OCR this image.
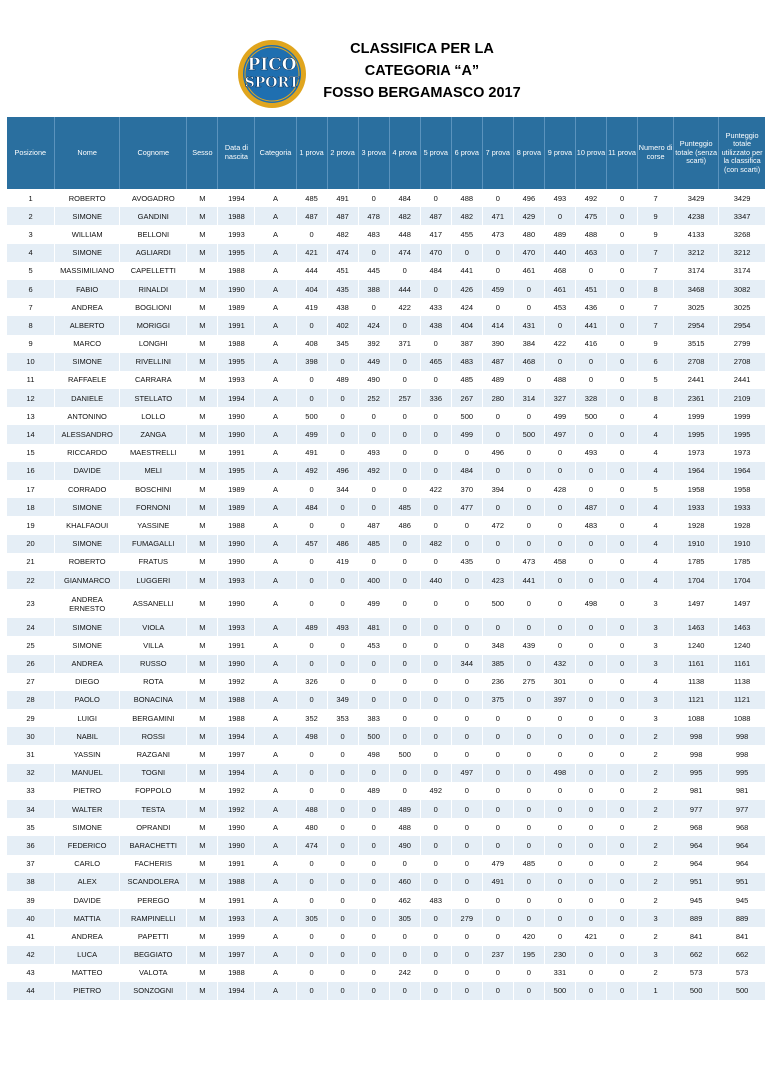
PICO
SPORT
CLASSIFICA PER LA
CATEGORIA “A”
FOSSO BERGAMASCO 2017
Posizione	Nome	Cognome	Sesso	Data di nascita	Categoria	1 prova	2 prova	3 prova	4 prova	5 prova	6 prova	7 prova	8 prova	9 prova	10 prova	11 prova	Numero di corse	Punteggio totale (senza scarti)	Punteggio totale utilizzato per la classifica (con scarti)
1	ROBERTO	AVOGADRO	M	1994	A	485	491	0	484	0	488	0	496	493	492	0	7	3429	3429
2	SIMONE	GANDINI	M	1988	A	487	487	478	482	487	482	471	429	0	475	0	9	4238	3347
3	WILLIAM	BELLONI	M	1993	A	0	482	483	448	417	455	473	480	489	488	0	9	4133	3268
4	SIMONE	AGLIARDI	M	1995	A	421	474	0	474	470	0	0	470	440	463	0	7	3212	3212
5	MASSIMILIANO	CAPELLETTI	M	1988	A	444	451	445	0	484	441	0	461	468	0	0	7	3174	3174
6	FABIO	RINALDI	M	1990	A	404	435	388	444	0	426	459	0	461	451	0	8	3468	3082
7	ANDREA	BOGLIONI	M	1989	A	419	438	0	422	433	424	0	0	453	436	0	7	3025	3025
8	ALBERTO	MORIGGI	M	1991	A	0	402	424	0	438	404	414	431	0	441	0	7	2954	2954
9	MARCO	LONGHI	M	1988	A	408	345	392	371	0	387	390	384	422	416	0	9	3515	2799
10	SIMONE	RIVELLINI	M	1995	A	398	0	449	0	465	483	487	468	0	0	0	6	2708	2708
11	RAFFAELE	CARRARA	M	1993	A	0	489	490	0	0	485	489	0	488	0	0	5	2441	2441
12	DANIELE	STELLATO	M	1994	A	0	0	252	257	336	267	280	314	327	328	0	8	2361	2109
13	ANTONINO	LOLLO	M	1990	A	500	0	0	0	0	500	0	0	499	500	0	4	1999	1999
14	ALESSANDRO	ZANGA	M	1990	A	499	0	0	0	0	499	0	500	497	0	0	4	1995	1995
15	RICCARDO	MAESTRELLI	M	1991	A	491	0	493	0	0	0	496	0	0	493	0	4	1973	1973
16	DAVIDE	MELI	M	1995	A	492	496	492	0	0	484	0	0	0	0	0	4	1964	1964
17	CORRADO	BOSCHINI	M	1989	A	0	344	0	0	422	370	394	0	428	0	0	5	1958	1958
18	SIMONE	FORNONI	M	1989	A	484	0	0	485	0	477	0	0	0	487	0	4	1933	1933
19	KHALFAOUI	YASSINE	M	1988	A	0	0	487	486	0	0	472	0	0	483	0	4	1928	1928
20	SIMONE	FUMAGALLI	M	1990	A	457	486	485	0	482	0	0	0	0	0	0	4	1910	1910
21	ROBERTO	FRATUS	M	1990	A	0	419	0	0	0	435	0	473	458	0	0	4	1785	1785
22	GIANMARCO	LUGGERI	M	1993	A	0	0	400	0	440	0	423	441	0	0	0	4	1704	1704
23	ANDREA ERNESTO	ASSANELLI	M	1990	A	0	0	499	0	0	0	500	0	0	498	0	3	1497	1497
24	SIMONE	VIOLA	M	1993	A	489	493	481	0	0	0	0	0	0	0	0	3	1463	1463
25	SIMONE	VILLA	M	1991	A	0	0	453	0	0	0	348	439	0	0	0	3	1240	1240
26	ANDREA	RUSSO	M	1990	A	0	0	0	0	0	344	385	0	432	0	0	3	1161	1161
27	DIEGO	ROTA	M	1992	A	326	0	0	0	0	0	236	275	301	0	0	4	1138	1138
28	PAOLO	BONACINA	M	1988	A	0	349	0	0	0	0	375	0	397	0	0	3	1121	1121
29	LUIGI	BERGAMINI	M	1988	A	352	353	383	0	0	0	0	0	0	0	0	3	1088	1088
30	NABIL	ROSSI	M	1994	A	498	0	500	0	0	0	0	0	0	0	0	2	998	998
31	YASSIN	RAZGANI	M	1997	A	0	0	498	500	0	0	0	0	0	0	0	2	998	998
32	MANUEL	TOGNI	M	1994	A	0	0	0	0	0	497	0	0	498	0	0	2	995	995
33	PIETRO	FOPPOLO	M	1992	A	0	0	489	0	492	0	0	0	0	0	0	2	981	981
34	WALTER	TESTA	M	1992	A	488	0	0	489	0	0	0	0	0	0	0	2	977	977
35	SIMONE	OPRANDI	M	1990	A	480	0	0	488	0	0	0	0	0	0	0	2	968	968
36	FEDERICO	BARACHETTI	M	1990	A	474	0	0	490	0	0	0	0	0	0	0	2	964	964
37	CARLO	FACHERIS	M	1991	A	0	0	0	0	0	0	479	485	0	0	0	2	964	964
38	ALEX	SCANDOLERA	M	1988	A	0	0	0	460	0	0	491	0	0	0	0	2	951	951
39	DAVIDE	PEREGO	M	1991	A	0	0	0	462	483	0	0	0	0	0	0	2	945	945
40	MATTIA	RAMPINELLI	M	1993	A	305	0	0	305	0	279	0	0	0	0	0	3	889	889
41	ANDREA	PAPETTI	M	1999	A	0	0	0	0	0	0	0	420	0	421	0	2	841	841
42	LUCA	BEGGIATO	M	1997	A	0	0	0	0	0	0	237	195	230	0	0	3	662	662
43	MATTEO	VALOTA	M	1988	A	0	0	0	242	0	0	0	0	331	0	0	2	573	573
44	PIETRO	SONZOGNI	M	1994	A	0	0	0	0	0	0	0	0	500	0	0	1	500	500
